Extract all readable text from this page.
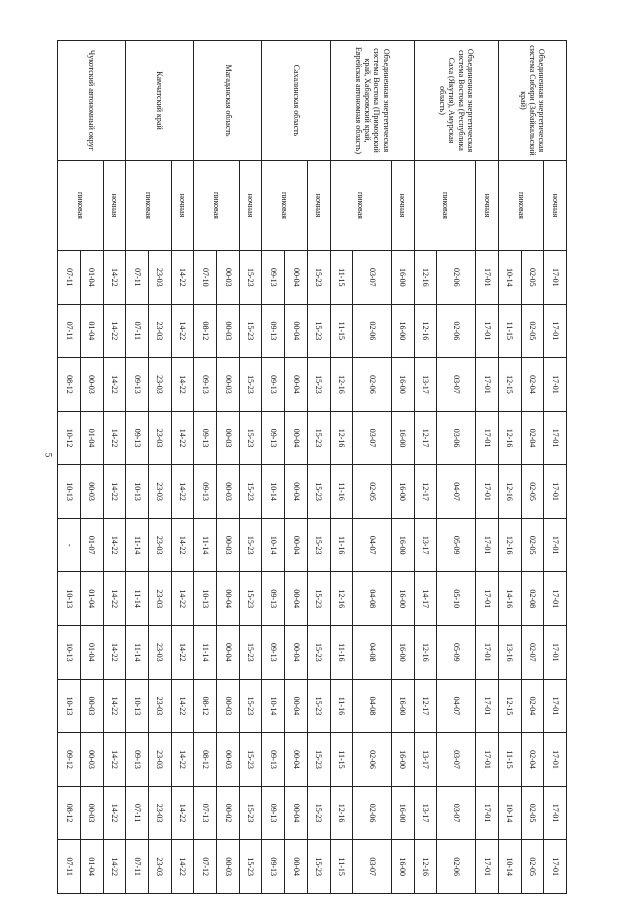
5
Объединенная энергетическая система Сибири (Забайкальский край)	ночная	17-01	17-01	17-01	17-01	17-01	17-01	17-01	17-01	17-01	17-01	17-01	17-01
	пиковая	02-05	02-05	02-04	02-04	02-05	02-05	02-08	02-07	02-04	02-04	02-05	02-05
		10-14	11-15	12-15	12-16	12-16	12-16	14-16	13-16	12-15	11-15	10-14	10-14
Объединенная энергетическая система Востока (Республика Саха (Якутия), Амурская область)	ночная	17-01	17-01	17-01	17-01	17-01	17-01	17-01	17-01	17-01	17-01	17-01	17-01
	пиковая	02-06	02-06	03-07	03-06	04-07	05-09	05-10	05-09	04-07	03-07	03-07	02-06
		12-16	12-16	13-17	12-17	12-17	13-17	14-17	12-16	12-17	13-17	13-17	12-16
Объединенная энергетическая система Востока (Приморский край, Хабаровский край, Еврейская автономная область)	ночная	16-00	16-00	16-00	16-00	16-00	16-00	16-00	16-00	16-00	16-00	16-00	16-00
	пиковая	03-07	02-06	02-06	03-07	02-05	04-07	04-08	04-08	04-08	02-06	02-06	03-07
		11-15	11-15	12-16	12-16	11-16	11-16	12-16	11-16	11-16	11-15	12-16	11-15
Сахалинская область	ночная	15-23	15-23	15-23	15-23	15-23	15-23	15-23	15-23	15-23	15-23	15-23	15-23
	пиковая	00-04	00-04	00-04	00-04	00-04	00-04	00-04	00-04	00-04	00-04	00-04	00-04
		09-13	09-13	09-13	09-13	10-14	10-14	09-13	09-13	10-14	09-13	09-13	09-13
Магаданская область	ночная	15-23	15-23	15-23	15-23	15-23	15-23	15-23	15-23	15-23	15-23	15-23	15-23
	пиковая	00-03	00-03	00-03	00-03	00-03	00-03	00-04	00-04	00-03	00-03	00-02	00-03
		07-10	08-12	09-13	09-13	09-13	11-14	10-13	11-14	08-12	08-12	07-13	07-12
Камчатский край	ночная	14-22	14-22	14-22	14-22	14-22	14-22	14-22	14-22	14-22	14-22	14-22	14-22
	пиковая	23-03	23-03	23-03	23-03	23-03	23-03	23-03	23-03	23-03	23-03	23-03	23-03
		07-11	07-11	09-13	09-13	10-13	11-14	11-14	11-14	10-13	09-13	07-11	07-11
Чукотский автономный округ	ночная	14-22	14-22	14-22	14-22	14-22	14-22	14-22	14-22	14-22	14-22	14-22	14-22
	пиковая	01-04	01-04	00-03	01-04	00-03	01-07	01-04	01-04	00-03	00-03	00-03	01-04
		07-11	07-11	08-12	10-12	10-13	-	10-13	10-13	10-13	09-12	08-12	07-11
